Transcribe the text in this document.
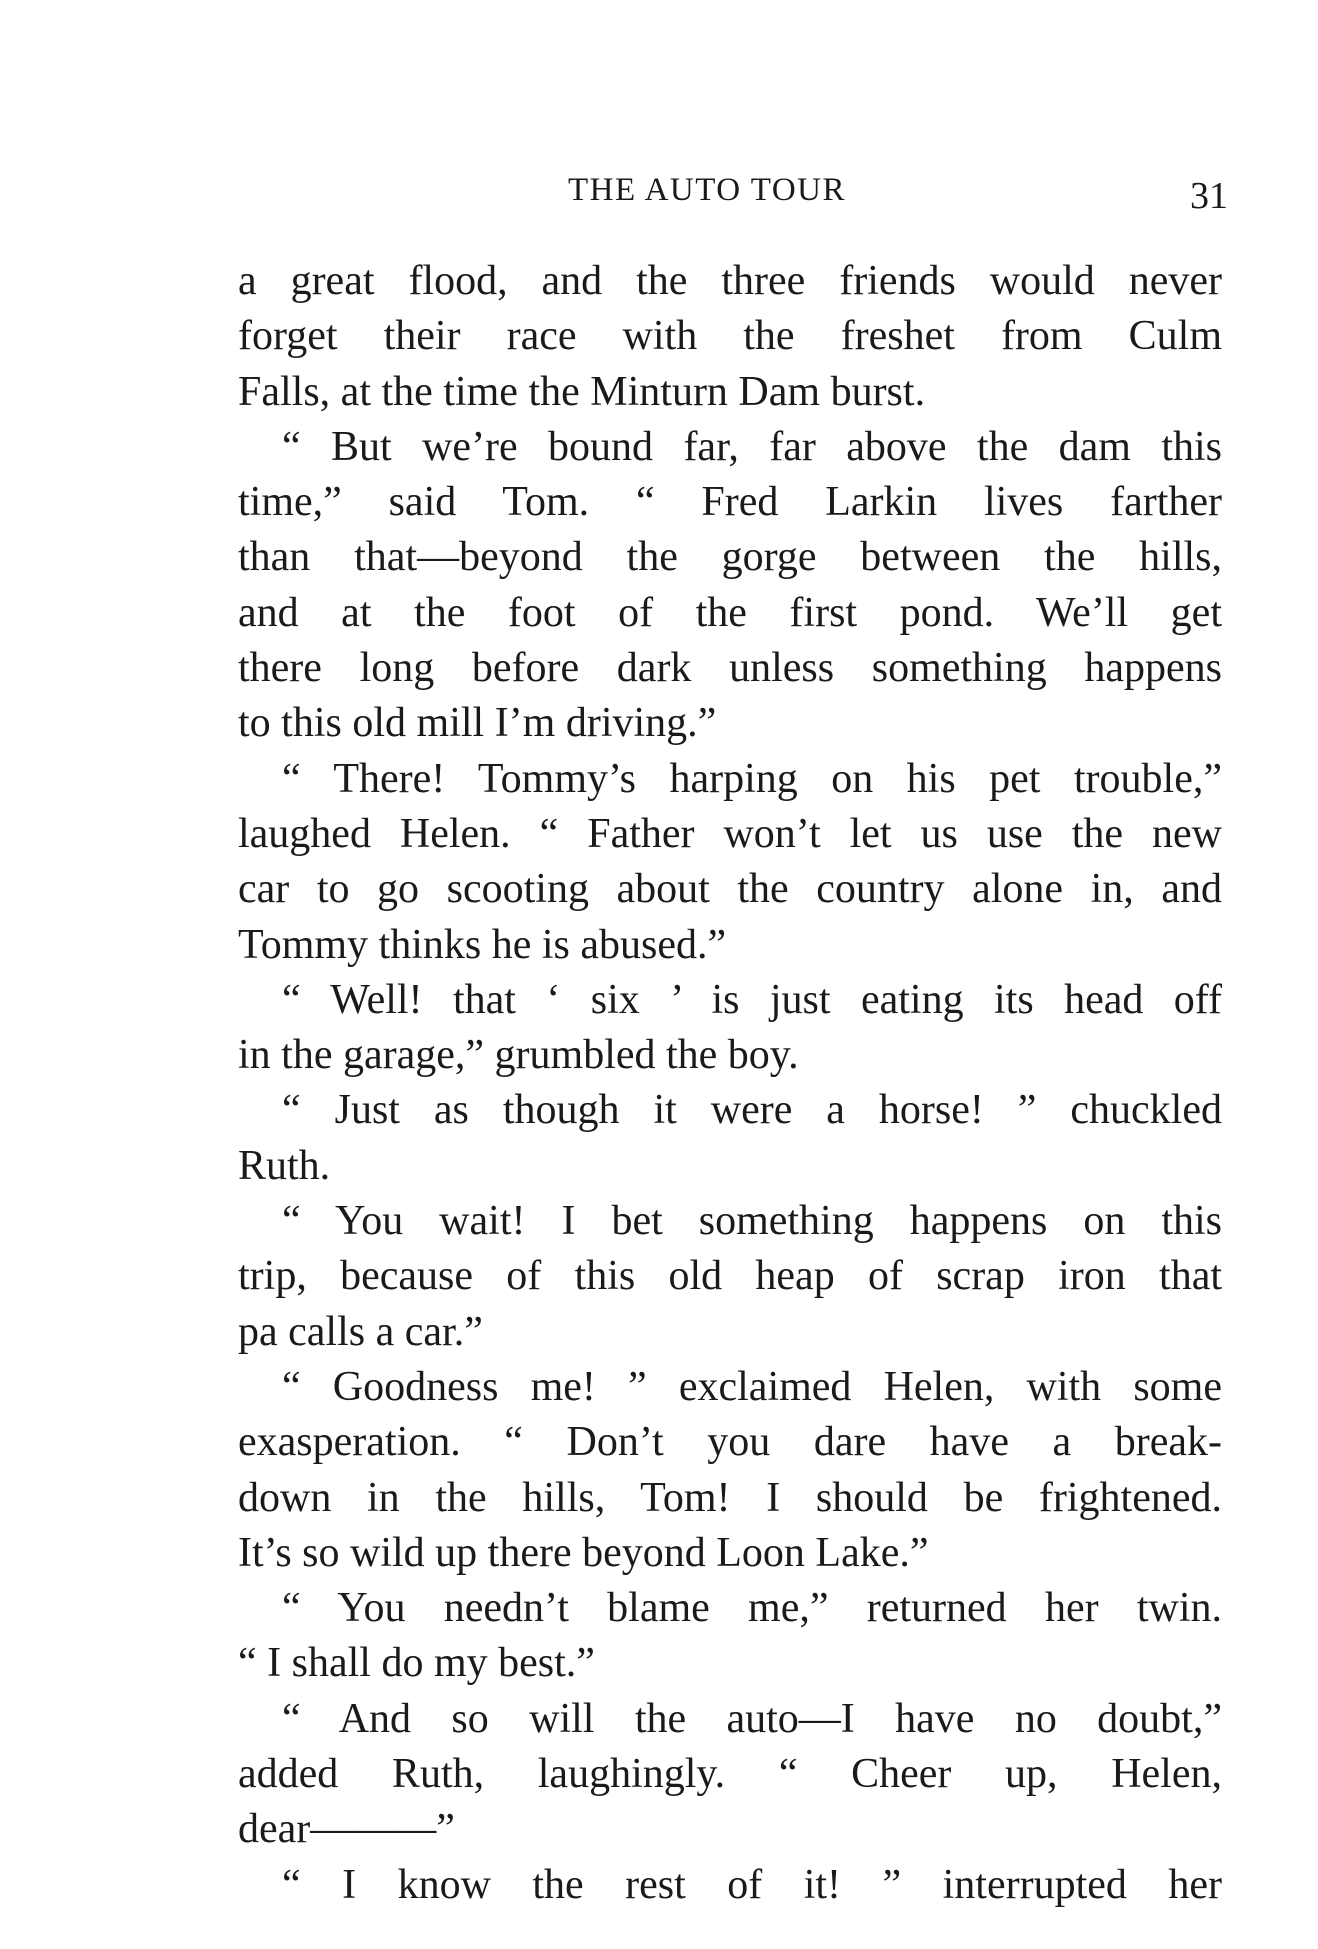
THE AUTO TOUR	31
a great flood, and the three friends would never
forget their race with the freshet from Culm
Falls, at the time the Minturn Dam burst.
“ But we’re bound far, far above the dam this
time,” said Tom. “ Fred Larkin lives farther
than that—beyond the gorge between the hills,
and at the foot of the first pond. We’ll get
there long before dark unless something happens
to this old mill I’m driving.”
“ There! Tommy’s harping on his pet trouble,”
laughed Helen. “ Father won’t let us use the new
car to go scooting about the country alone in, and
Tommy thinks he is abused.”
“ Well! that ‘ six ’ is just eating its head off
in the garage,” grumbled the boy.
“ Just as though it were a horse! ” chuckled
Ruth.
“ You wait! I bet something happens on this
trip, because of this old heap of scrap iron that
pa calls a car.”
“ Goodness me! ” exclaimed Helen, with some
exasperation. “ Don’t you dare have a break-
down in the hills, Tom! I should be frightened.
It’s so wild up there beyond Loon Lake.”
“ You needn’t blame me,” returned her twin.
“ I shall do my best.”
“ And so will the auto—I have no doubt,”
added Ruth, laughingly. “ Cheer up, Helen,
dear———”
“ I know the rest of it! ” interrupted her
